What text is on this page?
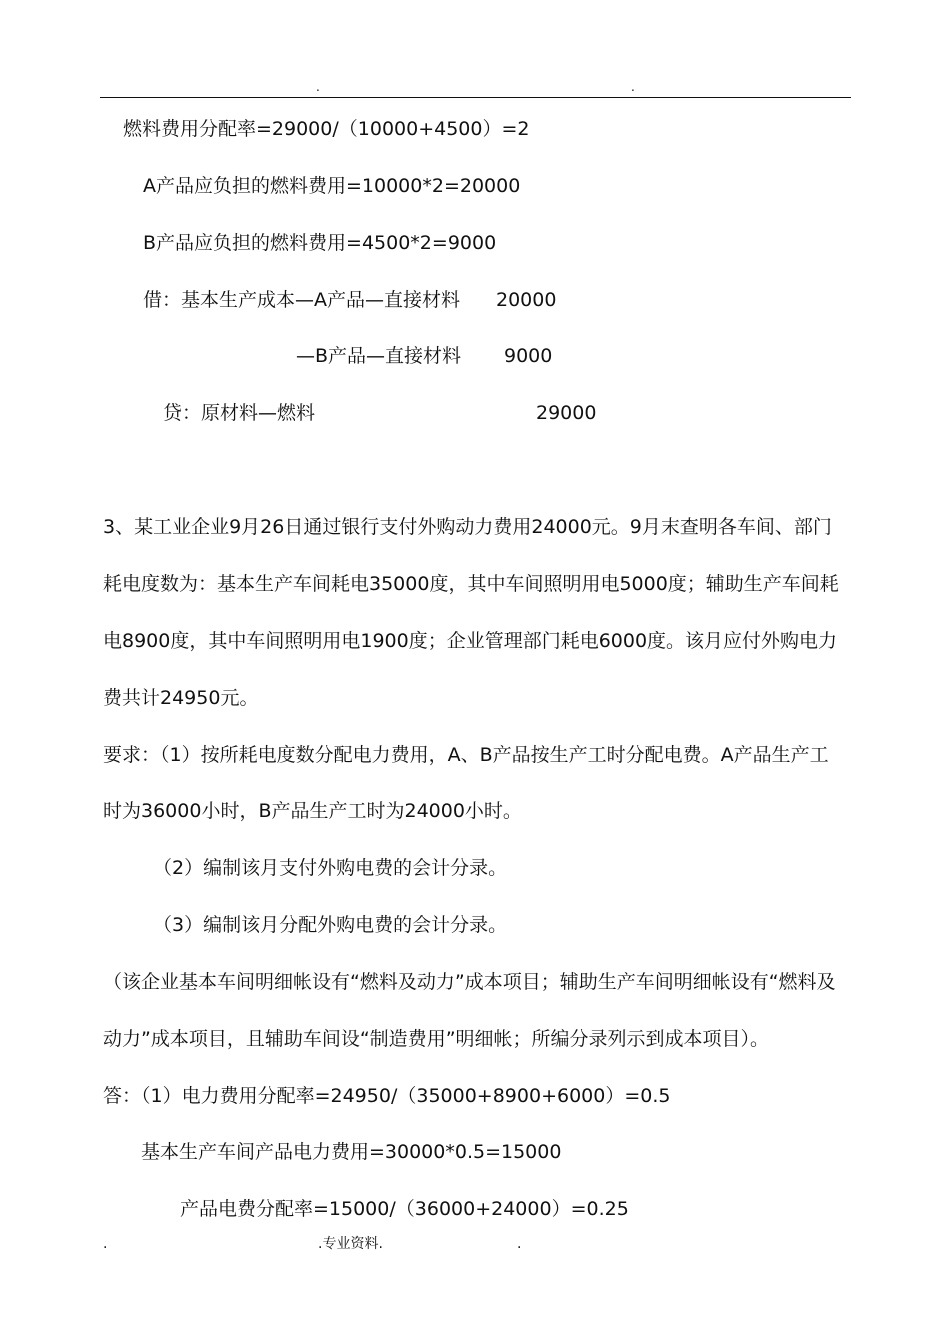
.	.
燃料费用分配率=29000/（10000+4500）=2
A产品应负担的燃料费用=10000*2=20000
B产品应负担的燃料费用=4500*2=9000
借：基本生产成本—A产品—直接材料 20000
—B产品—直接材料 9000
贷：原材料—燃料	29000
3、某工业企业9月26日通过银行支付外购动力费用24000元。9月末查明各车间、部门
耗电度数为：基本生产车间耗电35000度，其中车间照明用电5000度；辅助生产车间耗
电8900度，其中车间照明用电1900度；企业管理部门耗电6000度。该月应付外购电力
费共计24950元。
要求：（1）按所耗电度数分配电力费用，A、B产品按生产工时分配电费。A产品生产工
时为36000小时，B产品生产工时为24000小时。
（2）编制该月支付外购电费的会计分录。
（3）编制该月分配外购电费的会计分录。
（该企业基本车间明细帐设有“燃料及动力”成本项目；辅助生产车间明细帐设有“燃料及
动力”成本项目，且辅助车间设“制造费用”明细帐；所编分录列示到成本项目）。
答：（1）电力费用分配率=24950/（35000+8900+6000）=0.5
基本生产车间产品电力费用=30000*0.5=15000
产品电费分配率=15000/（36000+24000）=0.25
.	.专业资料.	.
